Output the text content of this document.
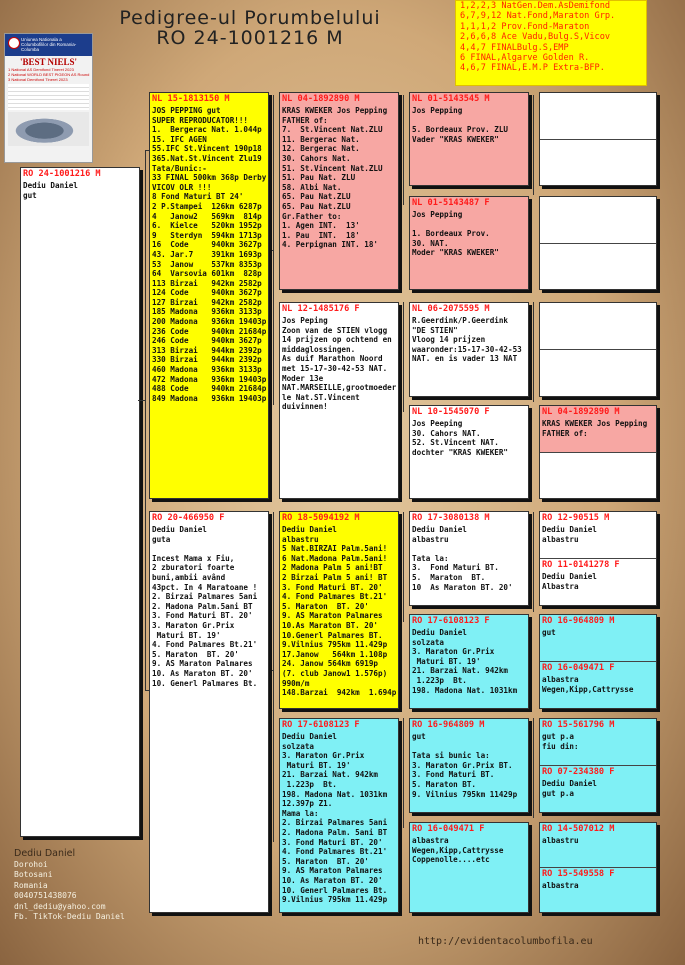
Pedigree-ul Porumbelului
RO 24-1001216 M
1,2,2,3 NatGen.Dem.AsDemifond
6,7,9,12 Nat.Fond,Maraton Grp.
1,1,1,2 Prov.Fond-Maraton
2,6,6,8 Ace Vadu,Bulg.S,Vicov
4,4,7 FINALBulg.S,EMP
6 FINAL,Algarve Golden R.
4,6,7 FINAL,E.M.P Extra-BFP.
Uniunea Nationala a Columbofililor din Romania- Columba
'BEST NIELS'
1 National AS Demifond Tineret 2023
2 National WORLD BEST PIGEON AS Round
3 National Demifond Tineret 2023
RO 24-1001216 M
Dediu Daniel
gut
NL 15-1813150 M
JOS PEPPING gut
SUPER REPRODUCATOR!!!
1.  Bergerac Nat. 1.044p
15. IFC AGEN
55.IFC St.Vincent 190p18
365.Nat.St.Vincent Zlu19
Tata/Bunic:-
33 FINAL 500km 368p Derby
VICOV OLR !!!
8 Fond Maturi BT 24'
2 P.Stampei  126km 6287p
4   Janow2   569km  814p
6.  Kielce   520km 1952p
9   Sterdyn  594km 1713p
16  Code     940km 3627p
43. Jar.7    391km 1693p
53  Janow    537km 8353p
64  Varsovia 601km  828p
113 Birzai   942km 2582p
124 Code     940km 3627p
127 Birzai   942km 2582p
185 Madona   936km 3133p
200 Madona   936km 19403p
236 Code     940km 21684p
246 Code     940km 3627p
313 Birzai   944km 2392p
330 Birzai   944km 2392p
460 Madona   936km 3133p
472 Madona   936km 19403p
488 Code     940km 21684p
849 Madona   936km 19403p
RO 20-466950 F
Dediu Daniel
guta

Incest Mama x Fiu,
2 zburatori foarte
buni,ambii având
43pct. In 4 Maratoane !
2. Birzai Palmares 5ani
2. Madona Palm.5ani BT
3. Fond Maturi BT. 20'
3. Maraton Gr.Prix
Maturi BT. 19'
4. Fond Palmares Bt.21'
5. Maraton  BT. 20'
9. AS Maraton Palmares
10. As Maraton BT. 20'
10. Generl Palmares Bt.
NL 04-1892890 M
KRAS KWEKER Jos Pepping
FATHER of:
7.  St.Vincent Nat.ZLU
11. Bergerac Nat.
12. Bergerac Nat.
30. Cahors Nat.
51. St.Vincent Nat.ZLU
51. Pau Nat. ZLU
58. Albi Nat.
65. Pau Nat.ZLU
65. Pau Nat.ZLU
Gr.Father to:
1. Agen INT.  13'
1. Pau  INT.  18'
4. Perpignan INT. 18'
NL 12-1485176 F
Jos Peping
Zoon van de STIEN vlogg
14 prijzen op ochtend en
middaglossingen.
As duif Marathon Noord
met 15-17-30-42-53 NAT.
Moder 13e
NAT.MARSEILLE,grootmoeder
le Nat.ST.Vincent
duivinnen!
RO 18-5094192 M
Dediu Daniel
albastru
5 Nat.BIRZAI Palm.5ani!
6 Nat.Madona Palm.5ani!
2 Madona Palm 5 ani!BT
2 Birzai Palm 5 ani! BT
3. Fond Maturi BT. 20'
4. Fond Palmares Bt.21'
5. Maraton  BT. 20'
9. AS Maraton Palmares
10.As Maraton BT. 20'
10.Generl Palmares BT.
9.Vilnius 795km 11.429p
17.Janow   564km 1.108p
24. Janow 564km 6919p
(7. club Janow1 1.576p)
990m/m
148.Barzai  942km  1.694p
RO 17-6108123 F
Dediu Daniel
solzata
3. Maraton Gr.Prix
Maturi BT. 19'
21. Barzai Nat. 942km
1.223p  Bt.
198. Madona Nat. 1031km
12.397p Z1.
Mama la:
2. Birzai Palmares 5ani
2. Madona Palm. 5ani BT
3. Fond Maturi BT. 20'
4. Fond Palmares Bt.21'
5. Maraton  BT. 20'
9. AS Maraton Palmares
10. As Maraton BT. 20'
10. Generl Palmares Bt.
9.Vilnius 795km 11.429p
NL 01-5143545 M
Jos Pepping

5. Bordeaux Prov. ZLU
Vader "KRAS KWEKER"
NL 01-5143487 F
Jos Pepping

1. Bordeaux Prov.
30. NAT.
Moder "KRAS KWEKER"
NL 06-2075595 M
R.Geerdink/P.Geerdink
"DE STIEN"
Vloog 14 prijzen
waaronder:15-17-30-42-53
NAT. en is vader 13 NAT
NL 10-1545070 F
Jos Peeping
30. Cahors NAT.
52. St.Vincent NAT.
dochter "KRAS KWEKER"
RO 17-3080138 M
Dediu Daniel
albastru

Tata la:
3.  Fond Maturi BT.
5.  Maraton  BT.
10  As Maraton BT. 20'
RO 17-6108123 F
Dediu Daniel
solzata
3. Maraton Gr.Prix
Maturi BT. 19'
21. Barzai Nat. 942km
1.223p  Bt.
198. Madona Nat. 1031km
RO 16-964809 M
gut

Tata si bunic la:
3. Maraton Gr.Prix BT.
3. Fond Maturi BT.
5. Maraton BT.
9. Vilnius 795km 11429p
RO 16-049471 F
albastra
Wegen,Kipp,Cattrysse
Coppenolle....etc
NL 04-1892890 M
KRAS KWEKER Jos Pepping
FATHER of:
RO 12-90515 M
Dediu Daniel
albastru
RO 11-0141278 F
Dediu Daniel
Albastra
RO 16-964809 M
gut
RO 16-049471 F
albastra
Wegen,Kipp,Cattrysse
RO 15-561796 M
gut p.a
fiu din:
RO 07-234380 F
Dediu Daniel
gut p.a
RO 14-507012 M
albastru
RO 15-549558 F
albastra
Dediu Daniel
Dorohoi
Botosani
Romania
0040751438076
dnl_dediu@yahoo.com
Fb. TikTok-Dediu Daniel
http://evidentacolumbofila.eu
